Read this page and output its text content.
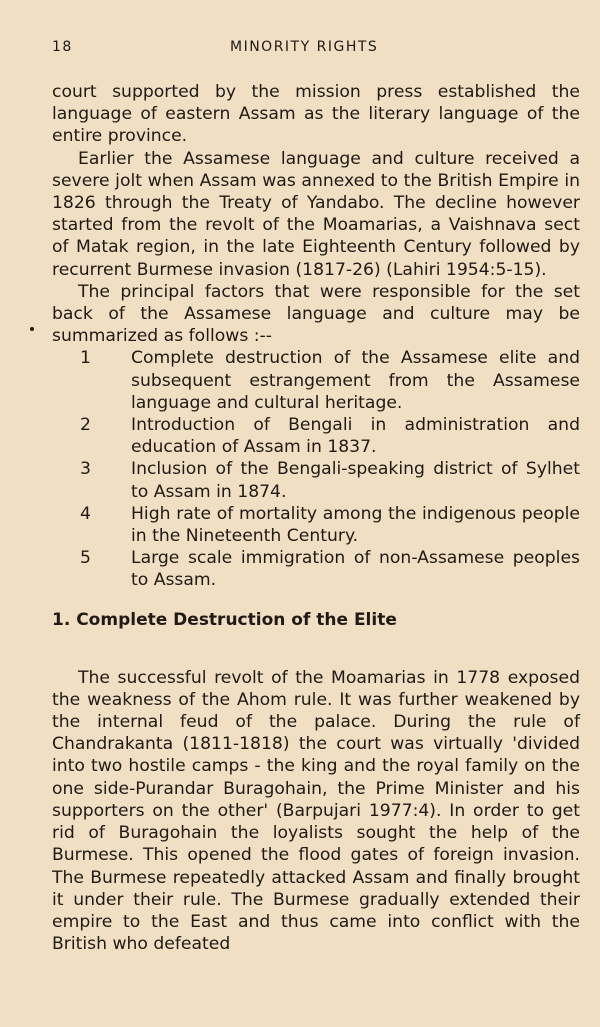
18	MINORITY RIGHTS

court supported by the mission press established the language of eastern Assam as the literary language of the entire province.

Earlier the Assamese language and culture received a severe jolt when Assam was annexed to the British Empire in 1826 through the Treaty of Yandabo. The decline however started from the revolt of the Moamarias, a Vaishnava sect of Matak region, in the late Eighteenth Century followed by recurrent Burmese invasion (1817-26) (Lahiri 1954:5-15).

The principal factors that were responsible for the set back of the Assamese language and culture may be summarized as follows :--

1	Complete destruction of the Assamese elite and subsequent estrangement from the Assamese language and cultural heritage.
2	Introduction of Bengali in administration and education of Assam in 1837.
3	Inclusion of the Bengali-speaking district of Sylhet to Assam in 1874.
4	High rate of mortality among the indigenous people in the Nineteenth Century.
5	Large scale immigration of non-Assamese peoples to Assam.
1. Complete Destruction of the Elite

The successful revolt of the Moamarias in 1778 exposed the weakness of the Ahom rule. It was further weakened by the internal feud of the palace. During the rule of Chandrakanta (1811-1818) the court was virtually 'divided into two hostile camps - the king and the royal family on the one side-Purandar Buragohain, the Prime Minister and his supporters on the other' (Barpujari 1977:4). In order to get rid of Buragohain the loyalists sought the help of the Burmese. This opened the flood gates of foreign invasion. The Burmese repeatedly attacked Assam and finally brought it under their rule. The Burmese gradually extended their empire to the East and thus came into conflict with the British who defeated
